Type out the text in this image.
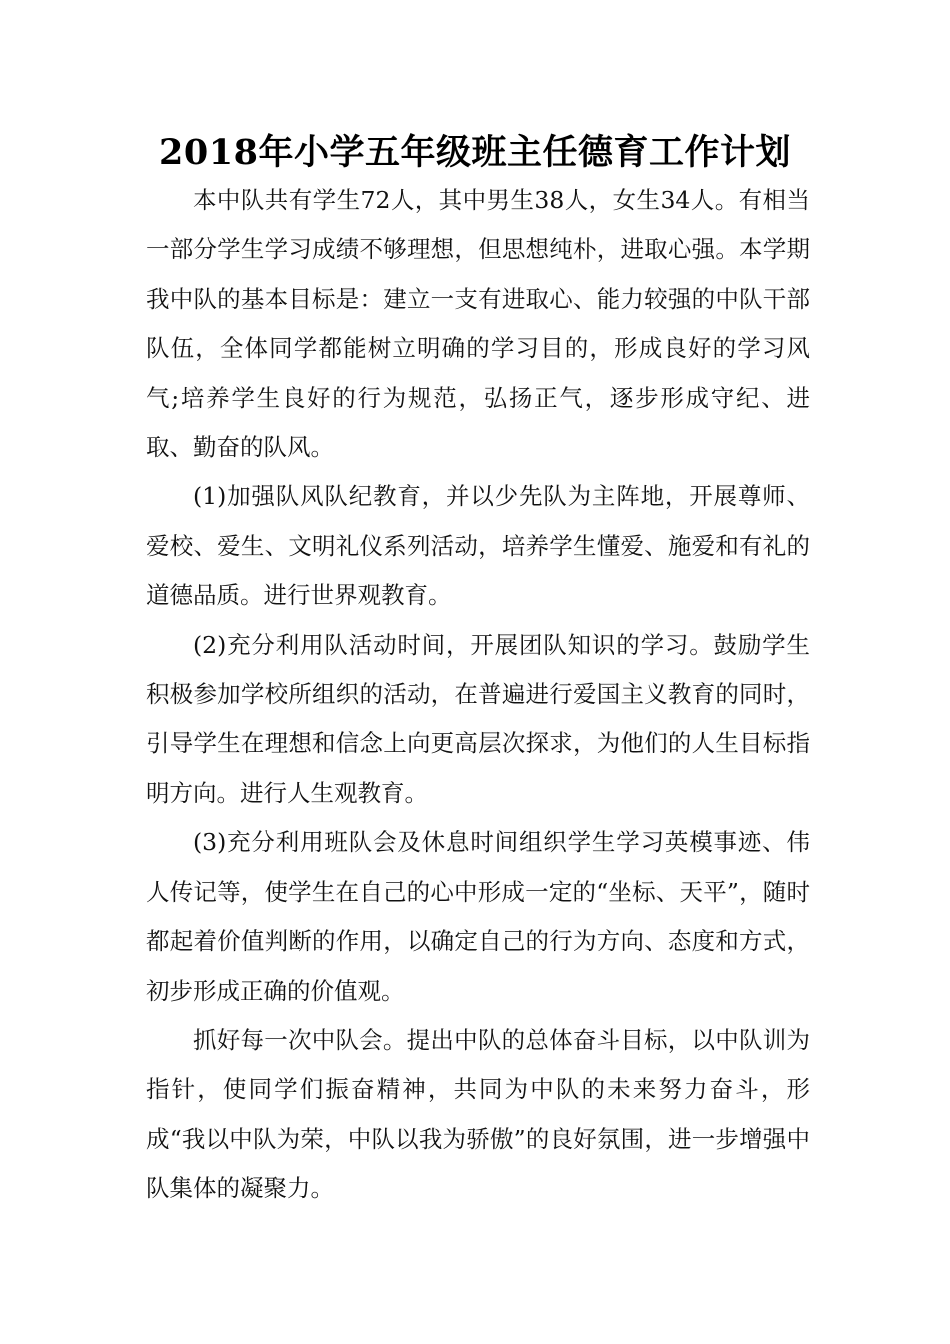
2018年小学五年级班主任德育工作计划

本中队共有学生72人，其中男生38人，女生34人。有相当一部分学生学习成绩不够理想，但思想纯朴，进取心强。本学期我中队的基本目标是：建立一支有进取心、能力较强的中队干部队伍，全体同学都能树立明确的学习目的，形成良好的学习风气;培养学生良好的行为规范，弘扬正气，逐步形成守纪、进取、勤奋的队风。

(1)加强队风队纪教育，并以少先队为主阵地，开展尊师、爱校、爱生、文明礼仪系列活动，培养学生懂爱、施爱和有礼的道德品质。进行世界观教育。

(2)充分利用队活动时间，开展团队知识的学习。鼓励学生积极参加学校所组织的活动，在普遍进行爱国主义教育的同时，引导学生在理想和信念上向更高层次探求，为他们的人生目标指明方向。进行人生观教育。

(3)充分利用班队会及休息时间组织学生学习英模事迹、伟人传记等，使学生在自己的心中形成一定的“坐标、天平”，随时都起着价值判断的作用，以确定自己的行为方向、态度和方式，初步形成正确的价值观。

抓好每一次中队会。提出中队的总体奋斗目标，以中队训为指针，使同学们振奋精神，共同为中队的未来努力奋斗，形成“我以中队为荣，中队以我为骄傲”的良好氛围，进一步增强中队集体的凝聚力。
